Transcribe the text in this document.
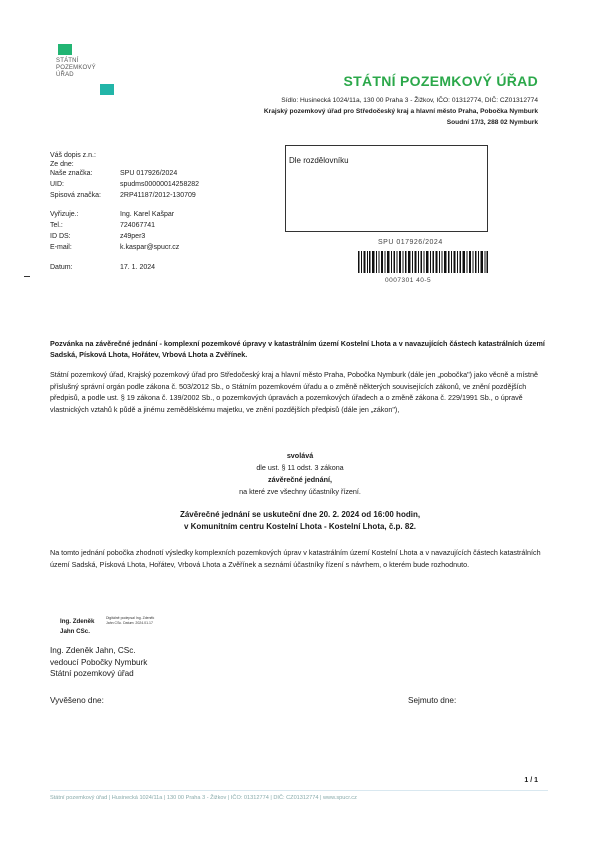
STÁTNÍ
POZEMKOVÝ
ÚŘAD	STÁTNÍ POZEMKOVÝ ÚŘAD
Sídlo: Husinecká 1024/11a, 130 00 Praha 3 - Žižkov, IČO: 01312774, DIČ: CZ01312774
Krajský pozemkový úřad pro Středočeský kraj a hlavní město Praha, Pobočka Nymburk
Soudní 17/3, 288 02 Nymburk
Váš dopis z.n.:
Ze dne:
Naše značka:	SPU 017926/2024
UID:	spudms00000014258282
Spisová značka:	2RP41187/2012-130709
Vyřizuje.:	Ing. Karel Kašpar
Tel.:	724067741
ID DS:	z49per3
E-mail:	k.kaspar@spucr.cz
Datum:	17. 1. 2024
Dle rozdělovníku
SPU 017926/2024
0007301 40-5
Pozvánka na závěrečné jednání - komplexní pozemkové úpravy v katastrálním území Kostelní Lhota a v navazujících částech katastrálních území Sadská, Písková Lhota, Hořátev, Vrbová Lhota a Zvěřínek.
Státní pozemkový úřad, Krajský pozemkový úřad pro Středočeský kraj a hlavní město Praha, Pobočka Nymburk (dále jen „pobočka") jako věcně a místně příslušný správní orgán podle zákona č. 503/2012 Sb., o Státním pozemkovém úřadu a o změně některých souvisejících zákonů, ve znění pozdějších předpisů, a podle ust. § 19 zákona č. 139/2002 Sb., o pozemkových úpravách a pozemkových úřadech a o změně zákona č. 229/1991 Sb., o úpravě vlastnických vztahů k půdě a jinému zemědělskému majetku, ve znění pozdějších předpisů (dále jen „zákon"),
svolává
dle ust. § 11 odst. 3 zákona
závěrečné jednání,
na které zve všechny účastníky řízení.
Závěrečné jednání se uskuteční dne 20. 2. 2024 od 16:00 hodin,
v Komunitním centru Kostelní Lhota - Kostelní Lhota, č.p. 82.
Na tomto jednání pobočka zhodnotí výsledky komplexních pozemkových úprav v katastrálním území Kostelní Lhota a v navazujících částech katastrálních území Sadská, Písková Lhota, Hořátev, Vrbová Lhota a Zvěřínek a seznámí účastníky řízení s návrhem, o kterém bude rozhodnuto.
Ing. Zdeněk
Jahn CSc.
Digitálně podepsal Ing. Zdeněk Jahn CSc. Datum: 2024.01.17
Ing. Zdeněk Jahn, CSc.
vedoucí Pobočky Nymburk
Státní pozemkový úřad
Vyvěšeno dne:	Sejmuto dne:
1 / 1
Státní pozemkový úřad | Husinecká 1024/11a | 130 00 Praha 3 - Žižkov | IČO: 01312774 | DIČ: CZ01312774 | www.spucr.cz
